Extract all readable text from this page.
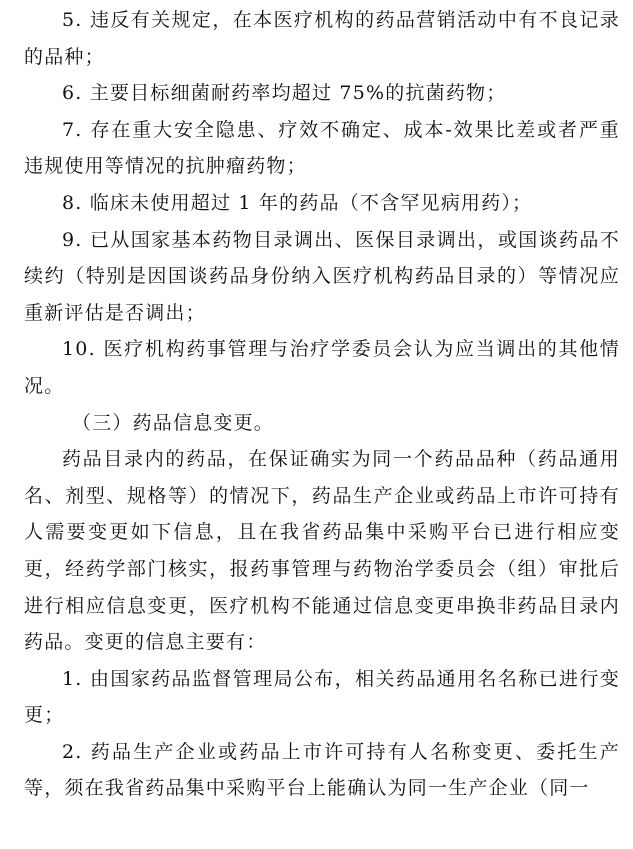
5. 违反有关规定，在本医疗机构的药品营销活动中有不良记录的品种；

6. 主要目标细菌耐药率均超过 75%的抗菌药物；

7. 存在重大安全隐患、疗效不确定、成本-效果比差或者严重违规使用等情况的抗肿瘤药物；

8. 临床未使用超过 1 年的药品（不含罕见病用药）；

9. 已从国家基本药物目录调出、医保目录调出，或国谈药品不续约（特别是因国谈药品身份纳入医疗机构药品目录的）等情况应重新评估是否调出；

10. 医疗机构药事管理与治疗学委员会认为应当调出的其他情况。

（三）药品信息变更。

药品目录内的药品，在保证确实为同一个药品品种（药品通用名、剂型、规格等）的情况下，药品生产企业或药品上市许可持有人需要变更如下信息，且在我省药品集中采购平台已进行相应变更，经药学部门核实，报药事管理与药物治学委员会（组）审批后进行相应信息变更，医疗机构不能通过信息变更串换非药品目录内药品。变更的信息主要有：

1. 由国家药品监督管理局公布，相关药品通用名名称已进行变更；

2. 药品生产企业或药品上市许可持有人名称变更、委托生产等，须在我省药品集中采购平台上能确认为同一生产企业（同一
